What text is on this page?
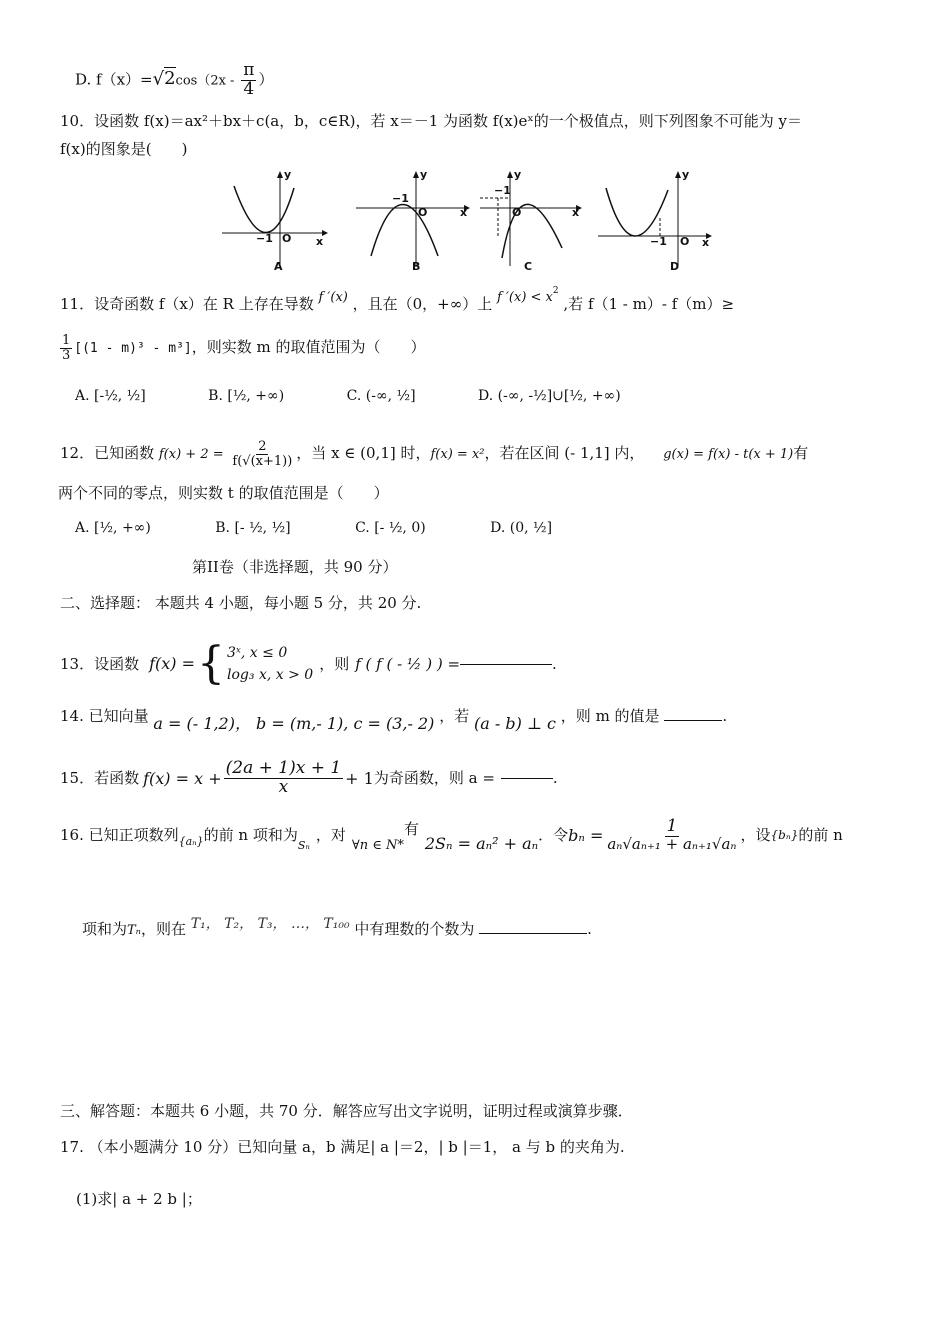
D. $f(x)=√2\cos(2x - \frac{\pi}{4}$ ）
10．设函数 f(x)＝ax²＋bx＋c(a，b，c∈R)，若 x＝－1 为函数 f(x)eˣ的一个极值点，则下列图象不可能为 y＝
f(x)的图象是(　　)
y
x
O
−1
A
y
x
O
−1
B
y
x
O
−1
C
y
x
O
−1
D
11．设奇函数 f（x）在 R 上存在导数 f ′(x) ，且在（0，+∞）上 f $'(x) < x^2$ ,若 f（1 - m）- f（m）≥
$\frac{1}{3} [(1 - m)^3 - m^3]$，则实数 m 的取值范围为（　　）
A. [-½, ½]	B. [½, +∞)	C. (-∞, ½]	D. (-∞, -½]∪[½, +∞)
12．已知函数 $f(x) + 2 = \frac{2}{f(√(x+1))}$ ，当 x ∈ (0,1] 时，f(x) = x²，若在区间 (- 1,1] 内， g(x) = f(x) - t(x + 1)有
两个不同的零点，则实数 t 的取值范围是（　　）
A. [½, +∞)	B. [- ½, ½]	C. [- ½, 0)	D. (0, ½]
第II卷（非选择题，共 90 分）
二、选择题： 本题共 4 小题，每小题 5 分，共 20 分.
13．设函数 f(x) = { 3ˣ, x ≤ 0
log₃ x, x > 0
，则 f ( f ( - ½ ) ) =	.
14. 已知向量 a = (- 1,2)， b = (m,- 1), c = (3,- 2) ，若 (a - b) ⊥ c ，则 m 的值是	.
15．若函数 $f(x) = x + \frac{(2a + 1)x + 1}{x} + 1$ 为奇函数，则 a =	.
16. 已知正项数列 {aₙ} 的前 n 项和为
Sₙ
，对
∀n ∈ N*
有
2Sₙ = aₙ² + aₙ ．令 $b_n = \frac{1}{\text{aₙ√aₙ₊₁ + aₙ₊₁√aₙ}}$ ，设 {bₙ} 的前 n
项和为Tₙ，则在 T₁， T₂， T₃， …， T₁₀₀ 中有理数的个数为	.
三、解答题：本题共 6 小题，共 70 分．解答应写出文字说明，证明过程或演算步骤．
17. （本小题满分 10 分）已知向量 a，b 满足| a |＝2，| b |＝1， a 与 b 的夹角为.
(1)求| a + 2 b |；
